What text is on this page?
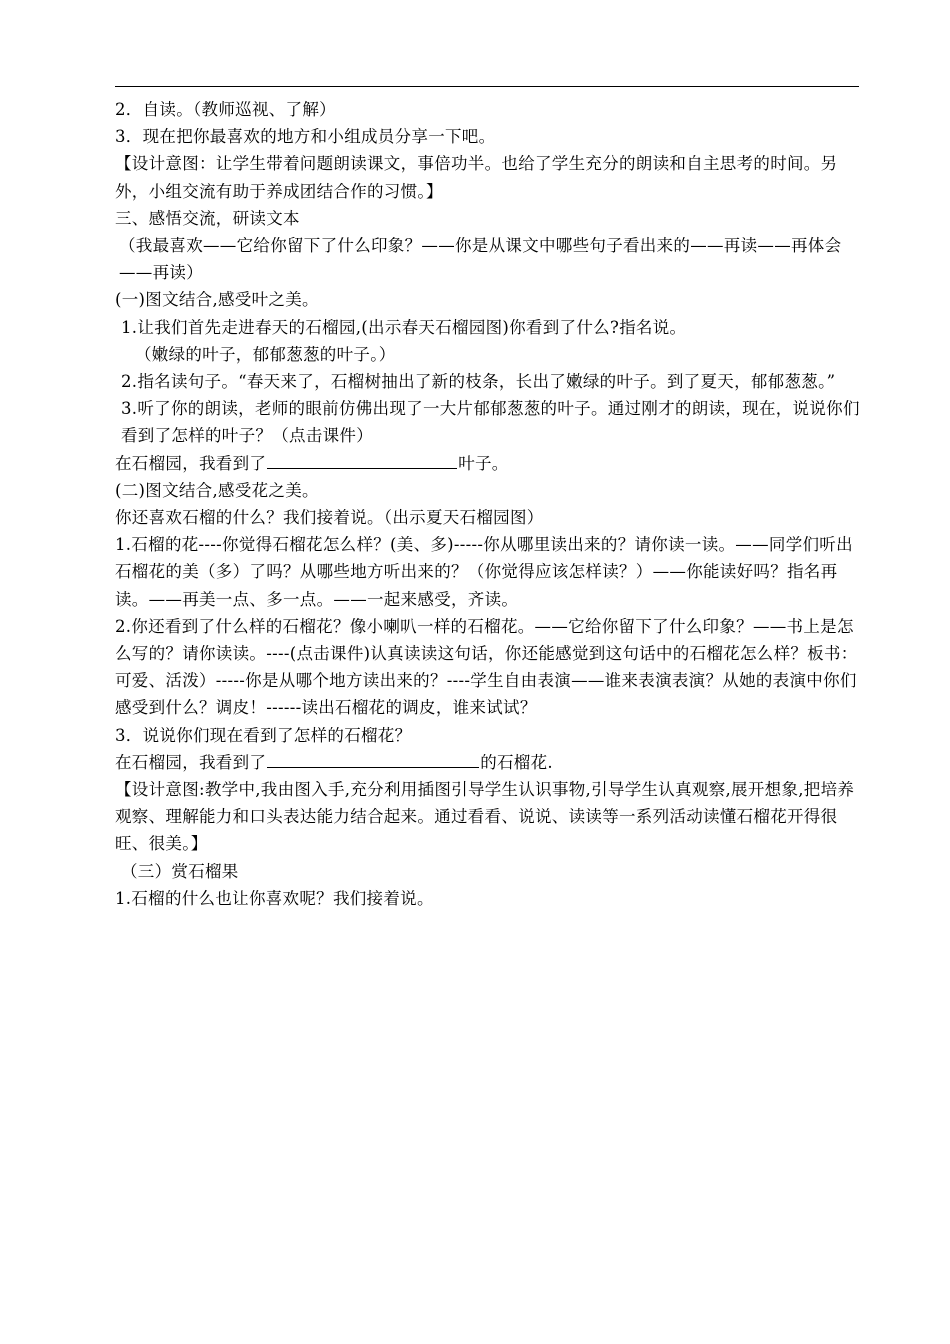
2．自读。（教师巡视、了解）

3．现在把你最喜欢的地方和小组成员分享一下吧。

【设计意图：让学生带着问题朗读课文，事倍功半。也给了学生充分的朗读和自主思考的时间。另外，小组交流有助于养成团结合作的习惯。】

三、感悟交流，研读文本

（我最喜欢——它给你留下了什么印象？——你是从课文中哪些句子看出来的——再读——再体会——再读）

(一)图文结合,感受叶之美。

1.让我们首先走进春天的石榴园,(出示春天石榴园图)你看到了什么?指名说。

（嫩绿的叶子，郁郁葱葱的叶子。）

2.指名读句子。“春天来了，石榴树抽出了新的枝条，长出了嫩绿的叶子。到了夏天，郁郁葱葱。”

3.听了你的朗读，老师的眼前仿佛出现了一大片郁郁葱葱的叶子。通过刚才的朗读，现在，说说你们看到了怎样的叶子？（点击课件）

在石榴园，我看到了	叶子。

(二)图文结合,感受花之美。

你还喜欢石榴的什么？我们接着说。（出示夏天石榴园图）

1.石榴的花----你觉得石榴花怎么样？(美、多)-----你从哪里读出来的？请你读一读。——同学们听出石榴花的美（多）了吗？从哪些地方听出来的？（你觉得应该怎样读？）——你能读好吗？指名再读。——再美一点、多一点。——一起来感受，齐读。

2.你还看到了什么样的石榴花？像小喇叭一样的石榴花。——它给你留下了什么印象？——书上是怎么写的？请你读读。----(点击课件)认真读读这句话，你还能感觉到这句话中的石榴花怎么样？板书：可爱、活泼）-----你是从哪个地方读出来的？----学生自由表演——谁来表演表演？从她的表演中你们感受到什么？调皮！------读出石榴花的调皮，谁来试试？

3．说说你们现在看到了怎样的石榴花？

在石榴园，我看到了	的石榴花.

【设计意图:教学中,我由图入手,充分利用插图引导学生认识事物,引导学生认真观察,展开想象,把培养观察、理解能力和口头表达能力结合起来。通过看看、说说、读读等一系列活动读懂石榴花开得很旺、很美。】

（三）赏石榴果

1.石榴的什么也让你喜欢呢？我们接着说。
